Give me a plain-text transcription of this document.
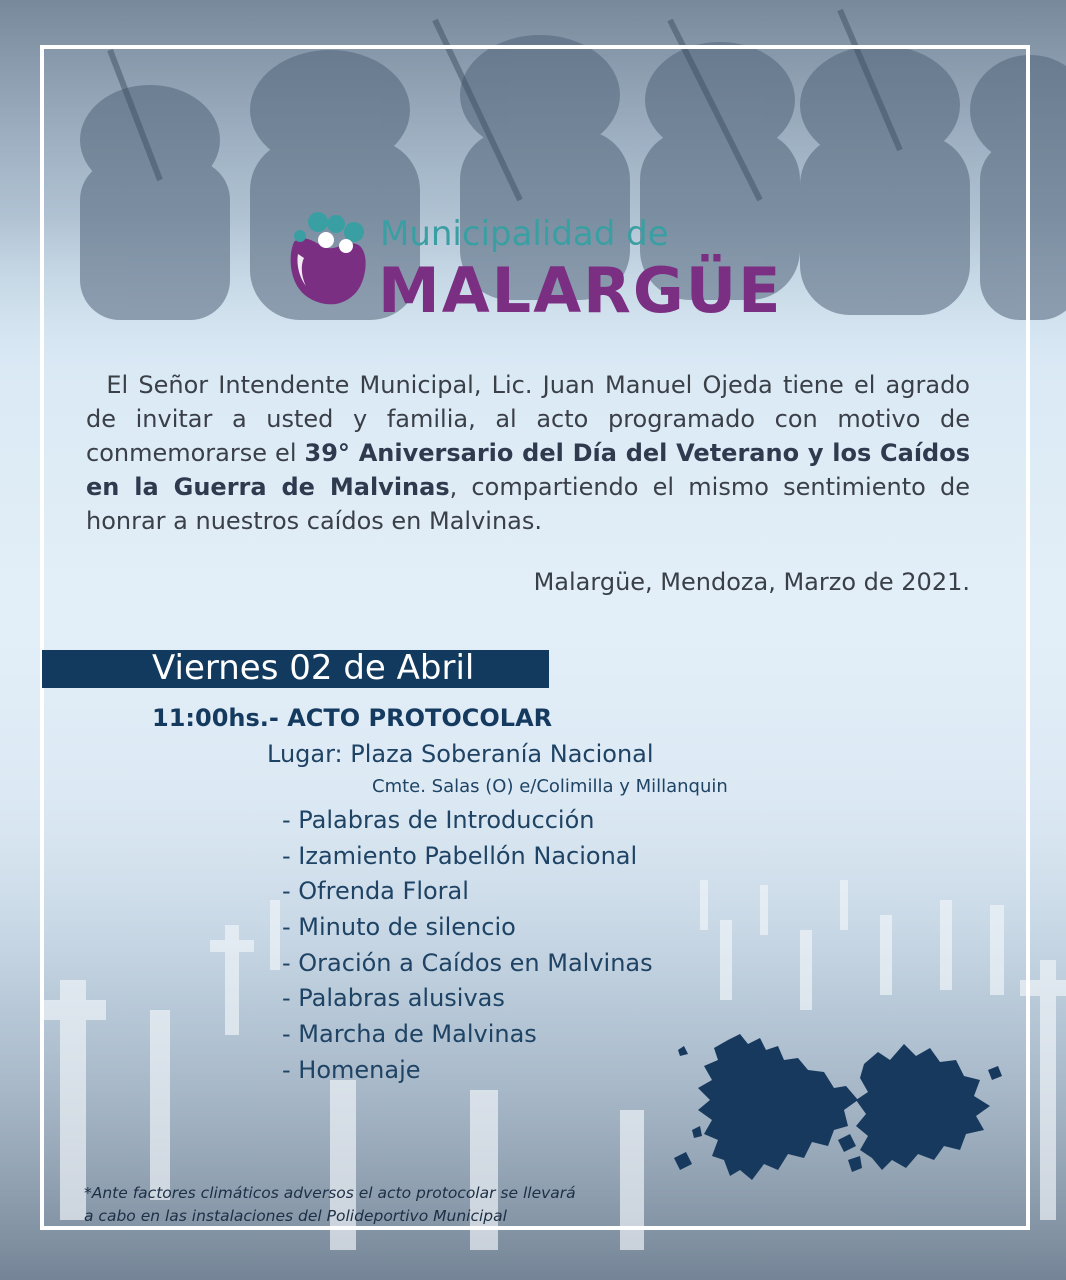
Municipalidad de
MALARGÜE
El Señor Intendente Municipal, Lic. Juan Manuel Ojeda tiene el agrado de invitar a usted y familia, al acto programado con motivo de conmemorarse el 39° Aniversario del Día del Veterano y los Caídos en la Guerra de Malvinas, compartiendo el mismo sentimiento de honrar a nuestros caídos en Malvinas.
Malargüe, Mendoza, Marzo de 2021.
Viernes 02 de Abril
11:00hs.- ACTO PROTOCOLAR
Lugar: Plaza Soberanía Nacional
Cmte. Salas (O) e/Colimilla y Millanquin
- Palabras de Introducción
- Izamiento Pabellón Nacional
- Ofrenda Floral
- Minuto de silencio
- Oración a Caídos en Malvinas
- Palabras alusivas
- Marcha de Malvinas
- Homenaje
*Ante factores climáticos adversos el acto protocolar se llevará
a cabo en las instalaciones del Polideportivo Municipal
